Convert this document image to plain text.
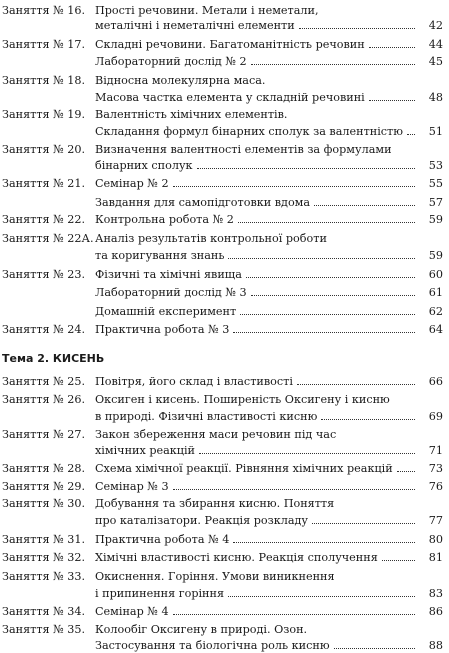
Тема 2. КИСЕНЬ
Заняття № 16. Прості речовини. Метали і неметали,
металічні і неметалічні елементи	42
Заняття № 17. Складні речовини. Багатоманітність речовин	44
Лабораторний дослід № 2	45
Заняття № 18. Відносна молекулярна маса.
Масова частка елемента у складній речовині	48
Заняття № 19. Валентність хімічних елементів.
Складання формул бінарних сполук за валентністю	51
Заняття № 20. Визначення валентності елементів за формулами
бінарних сполук	53
Заняття № 21. Семінар № 2	55
Завдання для самопідготовки вдома	57
Заняття № 22. Контрольна робота № 2	59
Заняття № 22А. Аналіз результатів контрольної роботи
та коригування знань	59
Заняття № 23. Фізичні та хімічні явища	60
Лабораторний дослід № 3	61
Домашній експеримент	62
Заняття № 24. Практична робота № 3	64
Заняття № 25. Повітря, його склад і властивості	66
Заняття № 26. Оксиген і кисень. Поширеність Оксигену і кисню
в природі. Фізичні властивості кисню	69
Заняття № 27. Закон збереження маси речовин під час
хімічних реакцій	71
Заняття № 28. Схема хімічної реакції. Рівняння хімічних реакцій	73
Заняття № 29. Семінар № 3	76
Заняття № 30. Добування та збирання кисню. Поняття
про каталізатори. Реакція розкладу	77
Заняття № 31. Практична робота № 4	80
Заняття № 32. Хімічні властивості кисню. Реакція сполучення	81
Заняття № 33. Окиснення. Горіння. Умови виникнення
і припинення горіння	83
Заняття № 34. Семінар № 4	86
Заняття № 35. Колообіг Оксигену в природі. Озон.
Застосування та біологічна роль кисню	88
